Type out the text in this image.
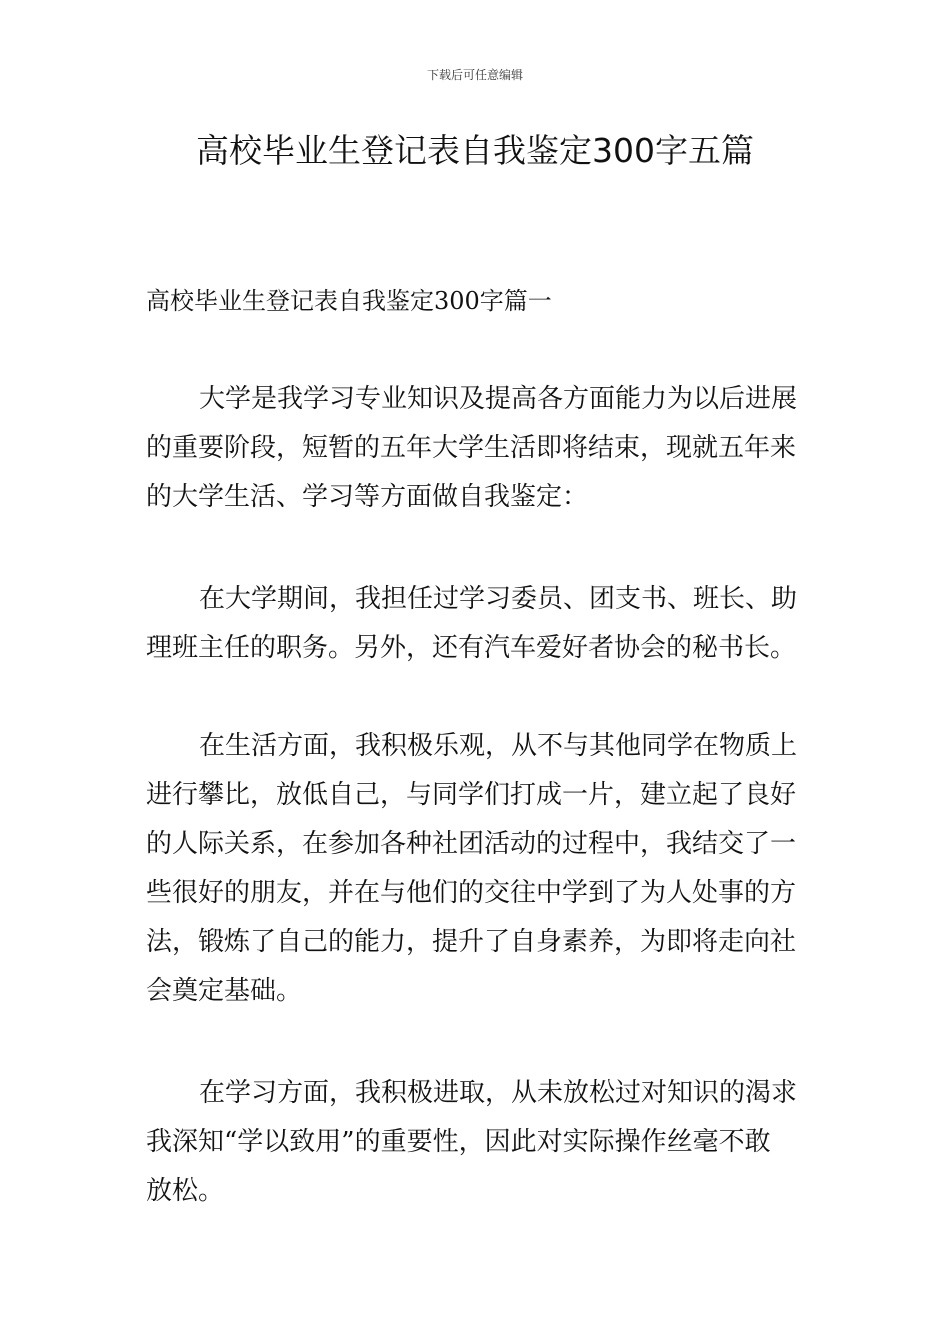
下载后可任意编辑
高校毕业生登记表自我鉴定300字五篇
高校毕业生登记表自我鉴定300字篇一
大学是我学习专业知识及提高各方面能力为以后进展
的重要阶段，短暂的五年大学生活即将结束，现就五年来
的大学生活、学习等方面做自我鉴定：
在大学期间，我担任过学习委员、团支书、班长、助
理班主任的职务。另外，还有汽车爱好者协会的秘书长。
在生活方面，我积极乐观，从不与其他同学在物质上
进行攀比，放低自己，与同学们打成一片，建立起了良好
的人际关系，在参加各种社团活动的过程中，我结交了一
些很好的朋友，并在与他们的交往中学到了为人处事的方
法，锻炼了自己的能力，提升了自身素养，为即将走向社
会奠定基础。
在学习方面，我积极进取，从未放松过对知识的渴求
我深知“学以致用”的重要性，因此对实际操作丝毫不敢
放松。
